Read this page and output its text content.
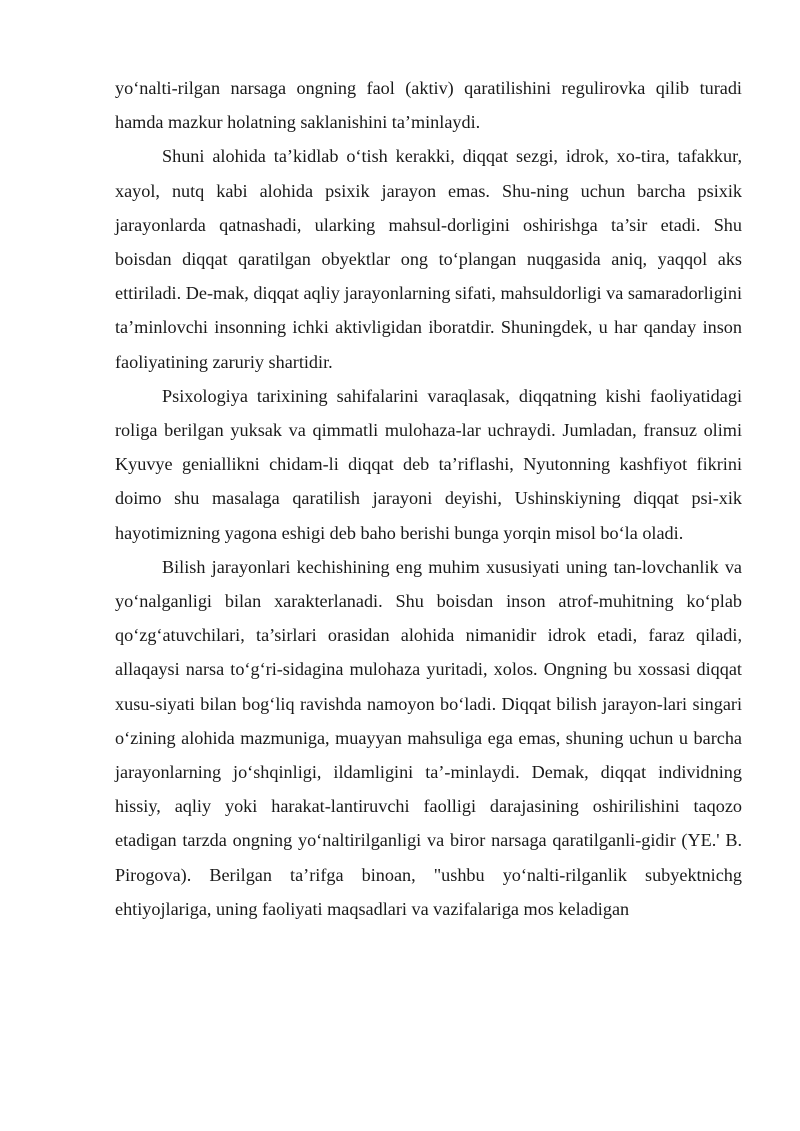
yo‘nalti-rilgan narsaga ongning faol (aktiv) qaratilishini regulirovka qilib turadi hamda mazkur holatning saklanishini ta’minlaydi.

Shuni alohida ta’kidlab o‘tish kerakki, diqqat sezgi, idrok, xo-tira, tafakkur, xayol, nutq kabi alohida psixik jarayon emas. Shu-ning uchun barcha psixik jarayonlarda qatnashadi, ularking mahsul-dorligini oshirishga ta’sir etadi. Shu boisdan diqqat qaratilgan obyektlar ong to‘plangan nuqgasida aniq, yaqqol aks ettiriladi. De-mak, diqqat aqliy jarayonlarning sifati, mahsuldorligi va samaradorligini ta’minlovchi insonning ichki aktivligidan iboratdir. Shuningdek, u har qanday inson faoliyatining zaruriy shartidir.

Psixologiya tarixining sahifalarini varaqlasak, diqqatning kishi faoliyatidagi roliga berilgan yuksak va qimmatli mulohaza-lar uchraydi. Jumladan, fransuz olimi Kyuvye geniallikni chidam-li diqqat deb ta’riflashi, Nyutonning kashfiyot fikrini doimo shu masalaga qaratilish jarayoni deyishi, Ushinskiyning diqqat psi-xik hayotimizning yagona eshigi deb baho berishi bunga yorqin misol bo‘la oladi.

Bilish jarayonlari kechishining eng muhim xususiyati uning tan-lovchanlik va yo‘nalganligi bilan xarakterlanadi. Shu boisdan inson atrof-muhitning ko‘plab qo‘zg‘atuvchilari, ta’sirlari orasidan alohida nimanidir idrok etadi, faraz qiladi, allaqaysi narsa to‘g‘ri-sidagina mulohaza yuritadi, xolos. Ongning bu xossasi diqqat xusu-siyati bilan bog‘liq ravishda namoyon bo‘ladi. Diqqat bilish jarayon-lari singari o‘zining alohida mazmuniga, muayyan mahsuliga ega emas, shuning uchun u barcha jarayonlarning jo‘shqinligi, ildamligini ta’-minlaydi. Demak, diqqat individning hissiy, aqliy yoki harakat-lantiruvchi faolligi darajasining oshirilishini taqozo etadigan tarzda ongning yo‘naltirilganligi va biror narsaga qaratilganli-gidir (YE.' B. Pirogova). Berilgan ta’rifga binoan, "ushbu yo‘nalti-rilganlik subyektnichg ehtiyojlariga, uning faoliyati maqsadlari va vazifalariga mos keladigan
